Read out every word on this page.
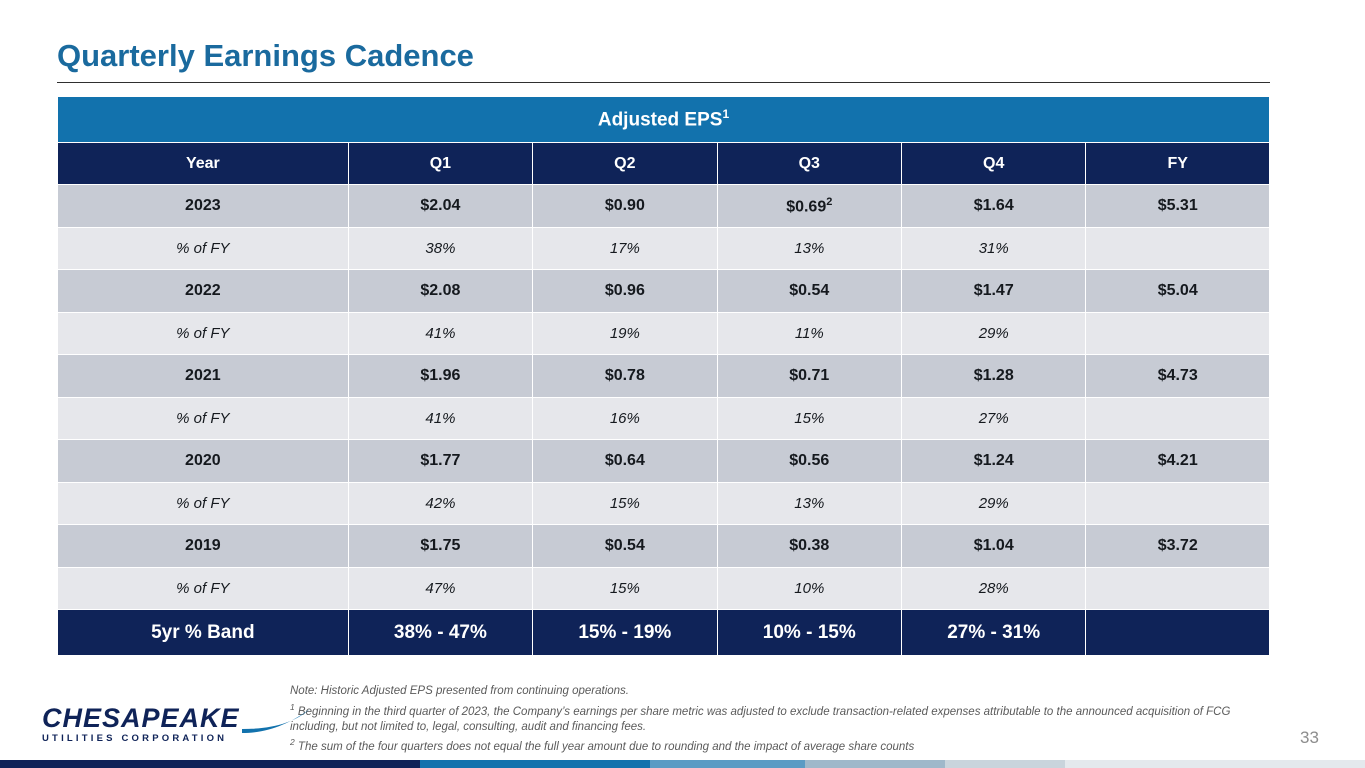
Quarterly Earnings Cadence
Adjusted EPS$^1$
Year	Q1	Q2	Q3	Q4	FY
2023	$2.04	$0.90	$0.69$^2$	$1.64	$5.31
% of FY	38%	17%	13%	31%	
2022	$2.08	$0.96	$0.54	$1.47	$5.04
% of FY	41%	19%	11%	29%	
2021	$1.96	$0.78	$0.71	$1.28	$4.73
% of FY	41%	16%	15%	27%	
2020	$1.77	$0.64	$0.56	$1.24	$4.21
% of FY	42%	15%	13%	29%	
2019	$1.75	$0.54	$0.38	$1.04	$3.72
% of FY	47%	15%	10%	28%	
5yr % Band	38% - 47%	15% - 19%	10% - 15%	27% - 31%	
Note: Historic Adjusted EPS presented from continuing operations.
$^1$ Beginning in the third quarter of 2023, the Company’s earnings per share metric was adjusted to exclude transaction-related expenses attributable to the announced acquisition of FCG including, but not limited to, legal, consulting, audit and financing fees.
$^2$ The sum of the four quarters does not equal the full year amount due to rounding and the impact of average share counts
CHESAPEAKE
UTILITIES CORPORATION	33
